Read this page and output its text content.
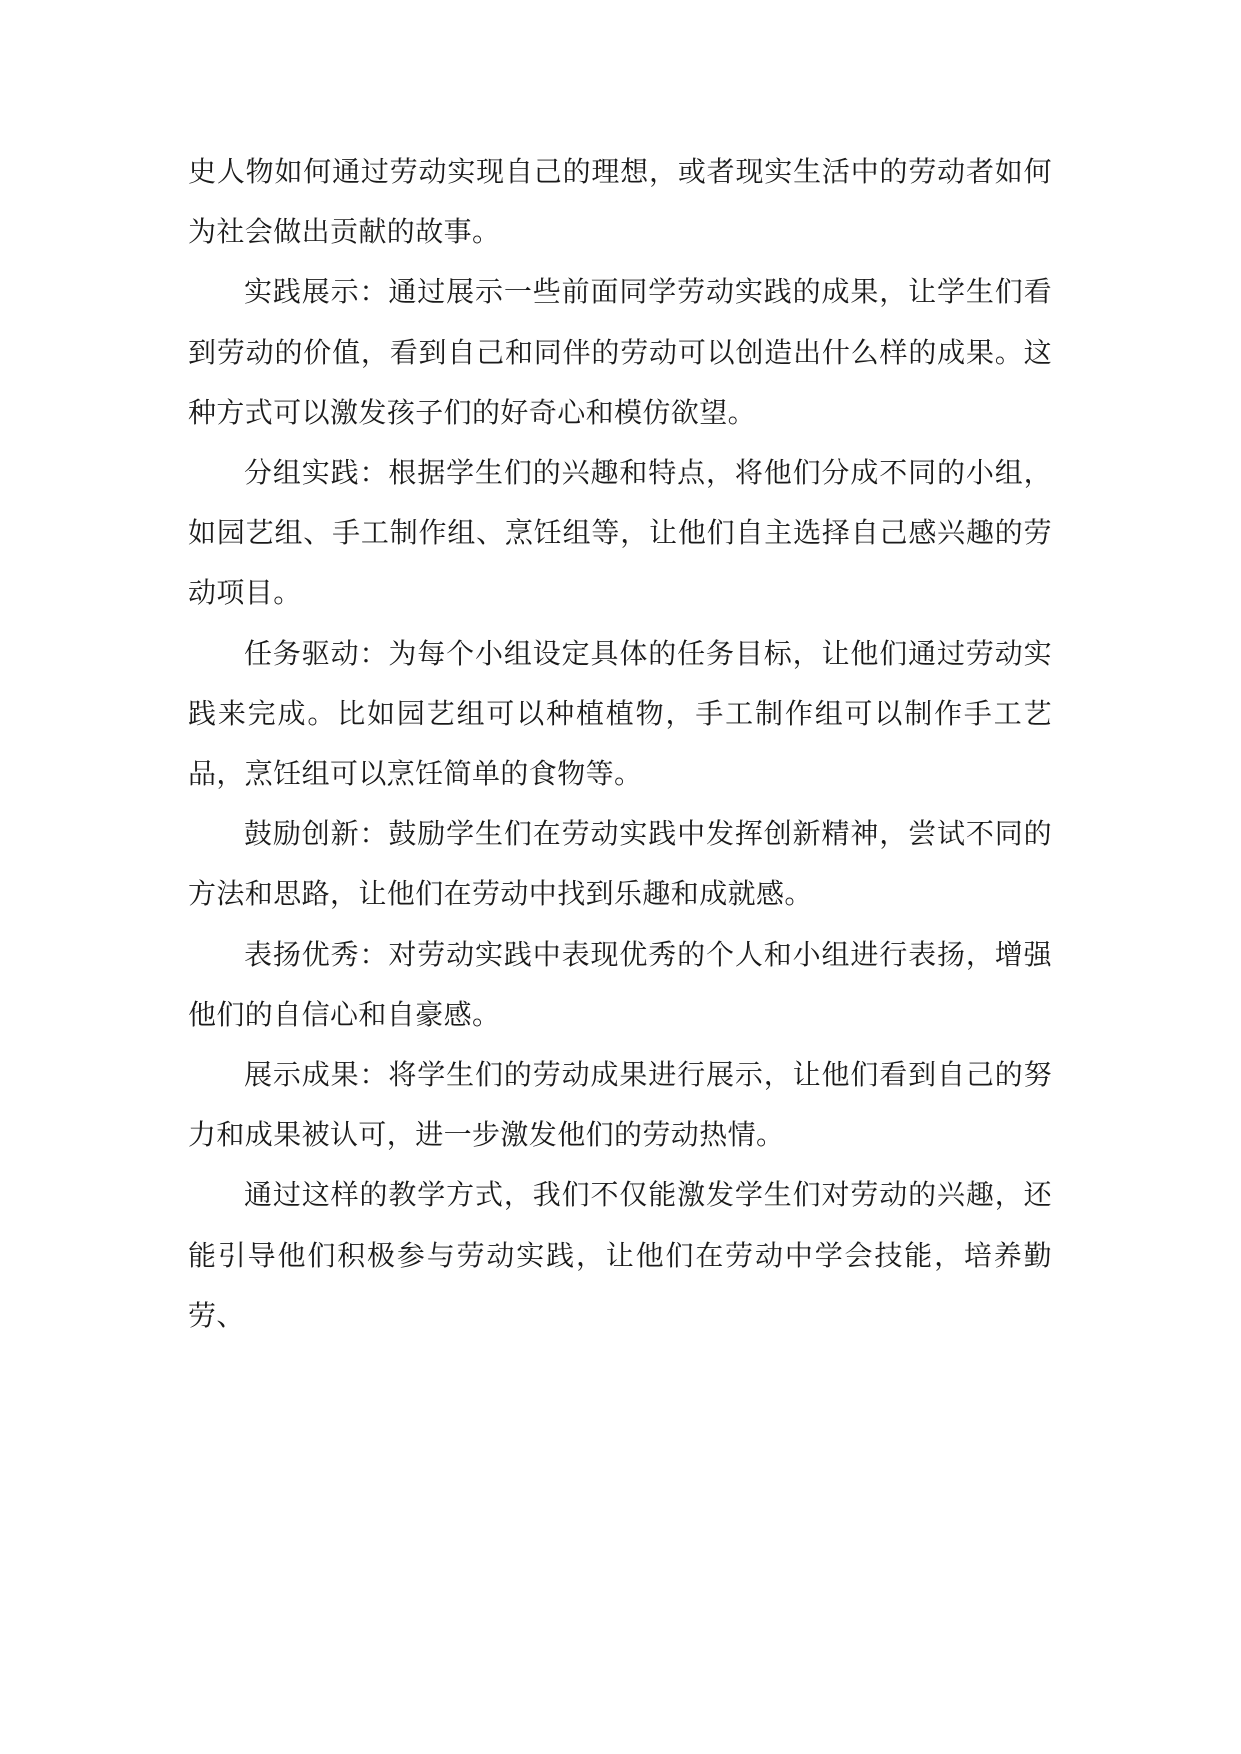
史人物如何通过劳动实现自己的理想，或者现实生活中的劳动者如何为社会做出贡献的故事。

实践展示：通过展示一些前面同学劳动实践的成果，让学生们看到劳动的价值，看到自己和同伴的劳动可以创造出什么样的成果。这种方式可以激发孩子们的好奇心和模仿欲望。

分组实践：根据学生们的兴趣和特点，将他们分成不同的小组，如园艺组、手工制作组、烹饪组等，让他们自主选择自己感兴趣的劳动项目。

任务驱动：为每个小组设定具体的任务目标，让他们通过劳动实践来完成。比如园艺组可以种植植物，手工制作组可以制作手工艺品，烹饪组可以烹饪简单的食物等。

鼓励创新：鼓励学生们在劳动实践中发挥创新精神，尝试不同的方法和思路，让他们在劳动中找到乐趣和成就感。

表扬优秀：对劳动实践中表现优秀的个人和小组进行表扬，增强他们的自信心和自豪感。

展示成果：将学生们的劳动成果进行展示，让他们看到自己的努力和成果被认可，进一步激发他们的劳动热情。

通过这样的教学方式，我们不仅能激发学生们对劳动的兴趣，还能引导他们积极参与劳动实践，让他们在劳动中学会技能，培养勤劳、
